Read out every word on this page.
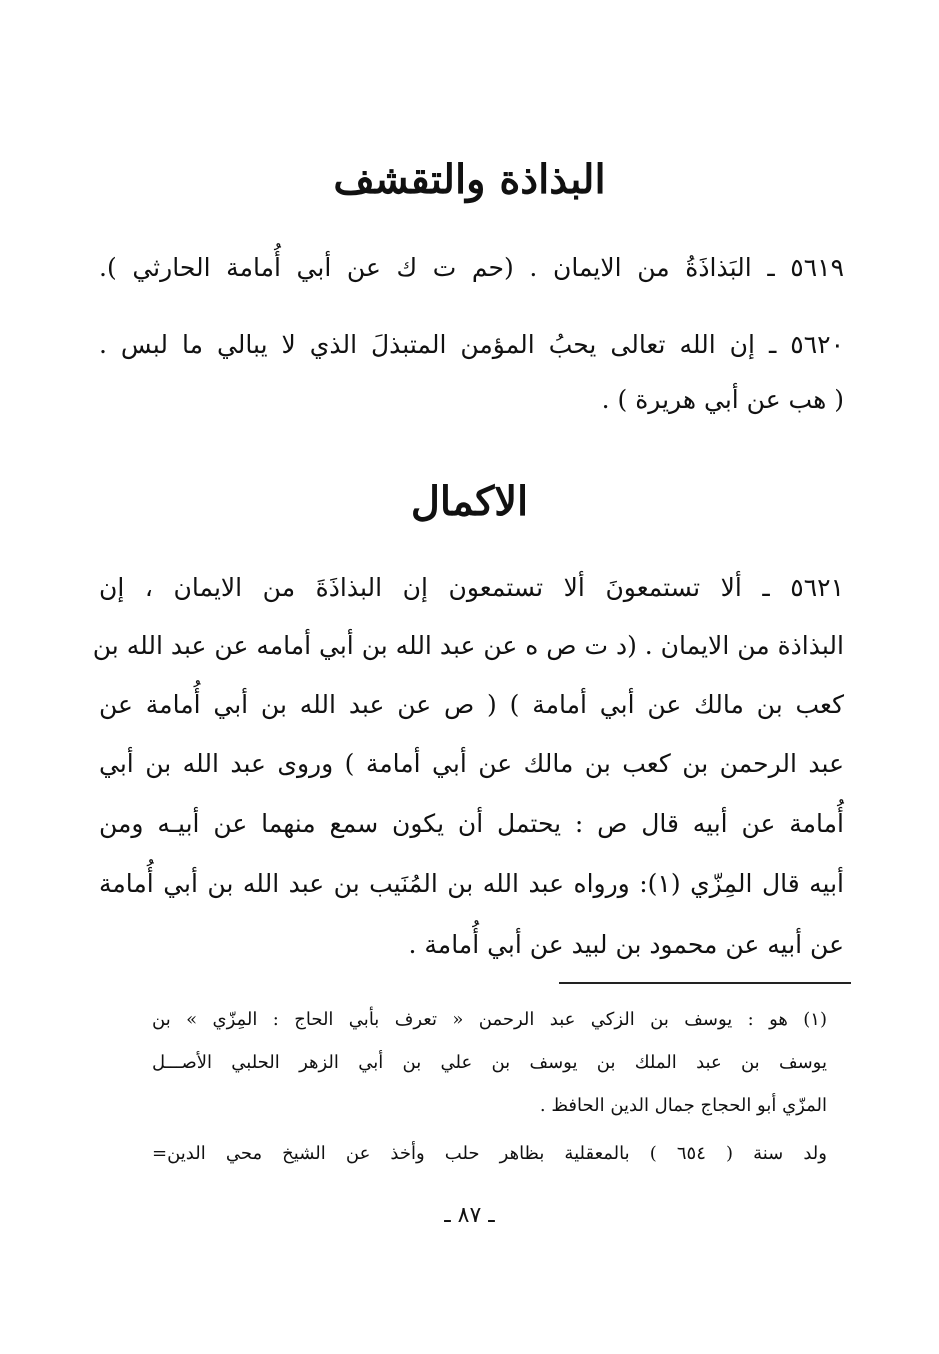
البذاذة والتقشف
٥٦١٩ ـ البَذاذَةُ من الايمان . (حم ت ك عن أبي أُمامة الحارثي ).
٥٦٢٠ ـ إن الله تعالى يحبُ المؤمن المتبذلَ الذي لا يبالي ما لبس .
( هب عن أبي هريرة ) .
الاكمال
٥٦٢١ ـ ألا تستمعونَ ألا تستمعون إن البذاذَةَ من الايمان ، إن
البذاذة من الايمان . (د ت ص ه عن عبد الله بن أبي أمامه عن عبد الله بن
كعب بن مالك عن أبي أمامة ) ( ص عن عبد الله بن أبي أُمامة عن
عبد الرحمن بن كعب بن مالك عن أبي أمامة ) وروى عبد الله بن أبي
أُمامة عن أبيه قال ص : يحتمل أن يكون سمع منهما عن أبيـه ومن
أبيه قال المِزّي (١): ورواه عبد الله بن المُنَيب بن عبد الله بن أبي أُمامة
عن أبيه عن محمود بن لبيد عن أبي أُمامة .
(١) هو : يوسف بن الزكي عبد الرحمن « تعرف بأبي الحاج : المِزّي » بن
يوسف بن عبد الملك بن يوسف بن علي بن أبي الزهر الحلبي الأصـــل
المزّي أبو الحجاج جمال الدين الحافظ .
ولد سنة ( ٦٥٤ ) بالمعقلية بظاهر حلب وأخذ عن الشيخ محي الدين=
ـ ٨٧ ـ
